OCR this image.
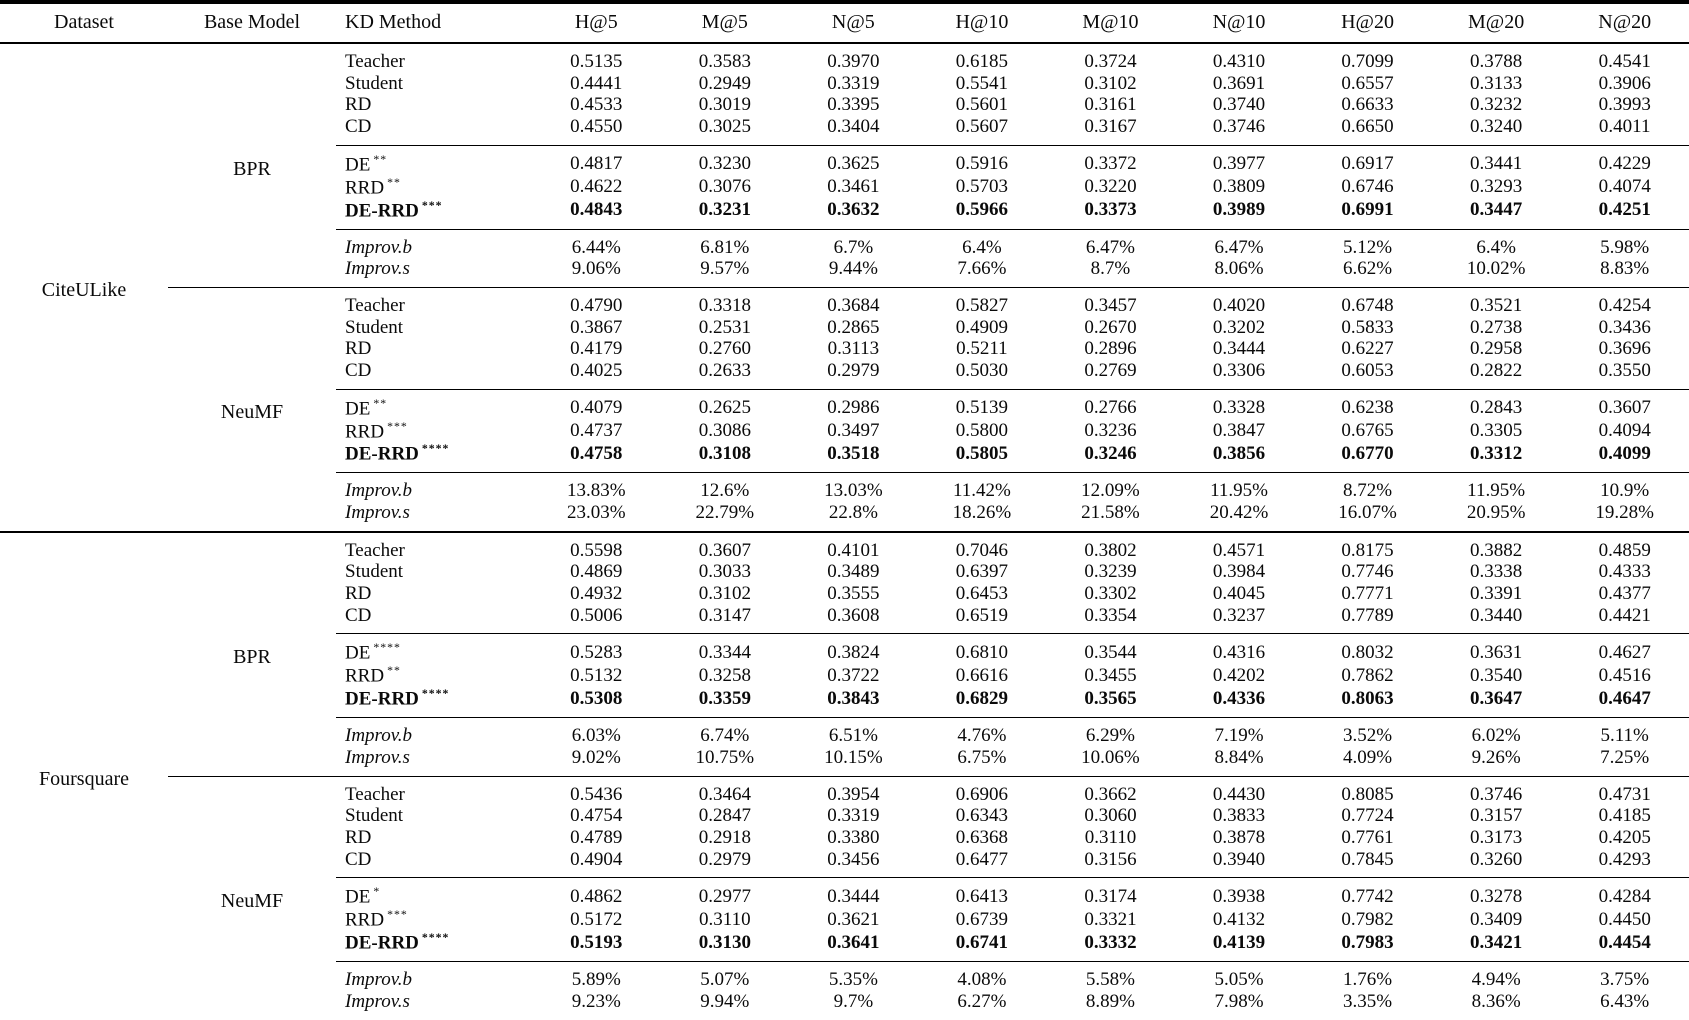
Dataset	Base Model	KD Method	H@5	M@5	N@5	H@10	M@10	N@10	H@20	M@20	N@20
CiteULike	BPR	Teacher	0.5135	0.3583	0.3970	0.6185	0.3724	0.4310	0.7099	0.3788	0.4541
		Student	0.4441	0.2949	0.3319	0.5541	0.3102	0.3691	0.6557	0.3133	0.3906
		RD	0.4533	0.3019	0.3395	0.5601	0.3161	0.3740	0.6633	0.3232	0.3993
		CD	0.4550	0.3025	0.3404	0.5607	0.3167	0.3746	0.6650	0.3240	0.4011
		DE **	0.4817	0.3230	0.3625	0.5916	0.3372	0.3977	0.6917	0.3441	0.4229
		RRD **	0.4622	0.3076	0.3461	0.5703	0.3220	0.3809	0.6746	0.3293	0.4074
		DE-RRD ***	0.4843	0.3231	0.3632	0.5966	0.3373	0.3989	0.6991	0.3447	0.4251
		Improv.b	6.44%	6.81%	6.7%	6.4%	6.47%	6.47%	5.12%	6.4%	5.98%
		Improv.s	9.06%	9.57%	9.44%	7.66%	8.7%	8.06%	6.62%	10.02%	8.83%
	NeuMF	Teacher	0.4790	0.3318	0.3684	0.5827	0.3457	0.4020	0.6748	0.3521	0.4254
		Student	0.3867	0.2531	0.2865	0.4909	0.2670	0.3202	0.5833	0.2738	0.3436
		RD	0.4179	0.2760	0.3113	0.5211	0.2896	0.3444	0.6227	0.2958	0.3696
		CD	0.4025	0.2633	0.2979	0.5030	0.2769	0.3306	0.6053	0.2822	0.3550
		DE **	0.4079	0.2625	0.2986	0.5139	0.2766	0.3328	0.6238	0.2843	0.3607
		RRD ***	0.4737	0.3086	0.3497	0.5800	0.3236	0.3847	0.6765	0.3305	0.4094
		DE-RRD ****	0.4758	0.3108	0.3518	0.5805	0.3246	0.3856	0.6770	0.3312	0.4099
		Improv.b	13.83%	12.6%	13.03%	11.42%	12.09%	11.95%	8.72%	11.95%	10.9%
		Improv.s	23.03%	22.79%	22.8%	18.26%	21.58%	20.42%	16.07%	20.95%	19.28%
Foursquare	BPR	Teacher	0.5598	0.3607	0.4101	0.7046	0.3802	0.4571	0.8175	0.3882	0.4859
		Student	0.4869	0.3033	0.3489	0.6397	0.3239	0.3984	0.7746	0.3338	0.4333
		RD	0.4932	0.3102	0.3555	0.6453	0.3302	0.4045	0.7771	0.3391	0.4377
		CD	0.5006	0.3147	0.3608	0.6519	0.3354	0.3237	0.7789	0.3440	0.4421
		DE ****	0.5283	0.3344	0.3824	0.6810	0.3544	0.4316	0.8032	0.3631	0.4627
		RRD **	0.5132	0.3258	0.3722	0.6616	0.3455	0.4202	0.7862	0.3540	0.4516
		DE-RRD ****	0.5308	0.3359	0.3843	0.6829	0.3565	0.4336	0.8063	0.3647	0.4647
		Improv.b	6.03%	6.74%	6.51%	4.76%	6.29%	7.19%	3.52%	6.02%	5.11%
		Improv.s	9.02%	10.75%	10.15%	6.75%	10.06%	8.84%	4.09%	9.26%	7.25%
	NeuMF	Teacher	0.5436	0.3464	0.3954	0.6906	0.3662	0.4430	0.8085	0.3746	0.4731
		Student	0.4754	0.2847	0.3319	0.6343	0.3060	0.3833	0.7724	0.3157	0.4185
		RD	0.4789	0.2918	0.3380	0.6368	0.3110	0.3878	0.7761	0.3173	0.4205
		CD	0.4904	0.2979	0.3456	0.6477	0.3156	0.3940	0.7845	0.3260	0.4293
		DE *	0.4862	0.2977	0.3444	0.6413	0.3174	0.3938	0.7742	0.3278	0.4284
		RRD ***	0.5172	0.3110	0.3621	0.6739	0.3321	0.4132	0.7982	0.3409	0.4450
		DE-RRD ****	0.5193	0.3130	0.3641	0.6741	0.3332	0.4139	0.7983	0.3421	0.4454
		Improv.b	5.89%	5.07%	5.35%	4.08%	5.58%	5.05%	1.76%	4.94%	3.75%
		Improv.s	9.23%	9.94%	9.7%	6.27%	8.89%	7.98%	3.35%	8.36%	6.43%
